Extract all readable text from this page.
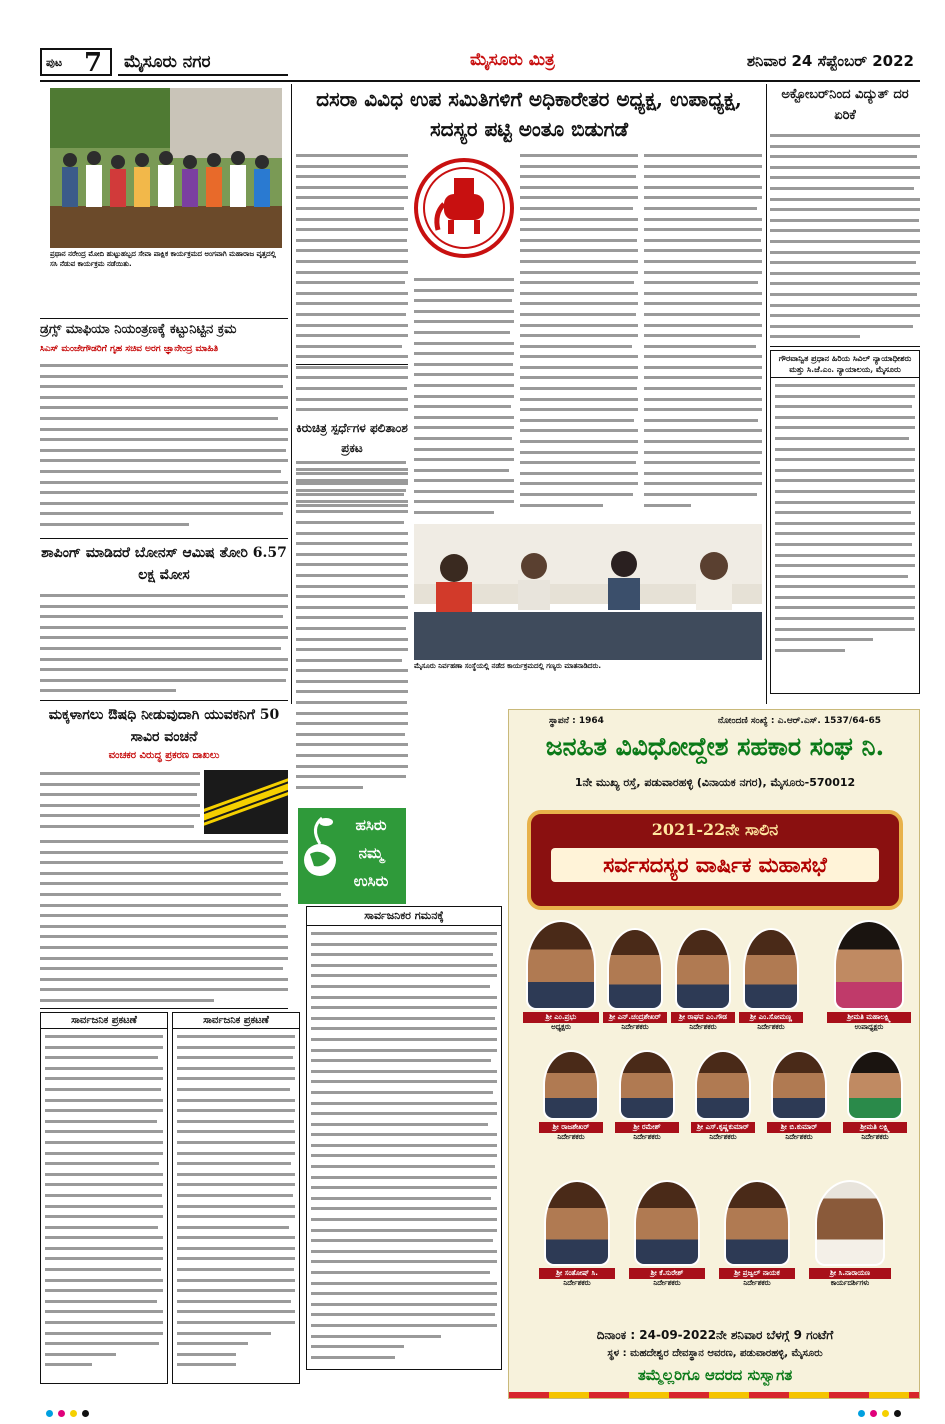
ಪುಟ 7	ಮೈಸೂರು ನಗರ	ಮೈಸೂರು ಮಿತ್ರ	ಶನಿವಾರ 24 ಸೆಪ್ಟೆಂಬರ್ 2022
ಪ್ರಥಾನ ನರೇಂದ್ರ ಮೋದಿ ಹುಟ್ಟುಹಬ್ಬದ ಸೇವಾ ಪಾಕ್ಷಿಕ ಕಾರ್ಯಕ್ರಮದ ಅಂಗವಾಗಿ ಮಹಾರಾಜ ವೃತ್ತದಲ್ಲಿ ಸಸಿ ನೆಡುವ ಕಾರ್ಯಕ್ರಮ ನಡೆಯಿತು.
ಡ್ರಗ್ಸ್ ಮಾಫಿಯಾ ನಿಯಂತ್ರಣಕ್ಕೆ ಕಟ್ಟುನಿಟ್ಟಿನ ಕ್ರಮ
ಸಿಎಸ್ ಮಂಜೇಗೌಡರಿಗೆ ಗೃಹ ಸಚಿವ ಅರಗ ಜ್ಞಾನೇಂದ್ರ ಮಾಹಿತಿ
ಶಾಪಿಂಗ್ ಮಾಡಿದರೆ ಬೋನಸ್ ಆಮಿಷ ತೋರಿ 6.57 ಲಕ್ಷ ಮೋಸ
ಮಕ್ಕಳಾಗಲು ಔಷಧಿ ನೀಡುವುದಾಗಿ ಯುವಕನಿಗೆ 50 ಸಾವಿರ ವಂಚನೆ
ವಂಚಕರ ವಿರುದ್ಧ ಪ್ರಕರಣ ದಾಖಲು
ಸಾರ್ವಜನಿಕ ಪ್ರಕಟಣೆ	ಸಾರ್ವಜನಿಕ ಪ್ರಕಟಣೆ
ಸಾರ್ವಜನಿಕರ ಗಮನಕ್ಕೆ
ದಸರಾ ವಿವಿಧ ಉಪ ಸಮಿತಿಗಳಿಗೆ ಅಧಿಕಾರೇತರ ಅಧ್ಯಕ್ಷ, ಉಪಾಧ್ಯಕ್ಷ, ಸದಸ್ಯರ ಪಟ್ಟಿ ಅಂತೂ ಬಿಡುಗಡೆ
ಕಿರುಚಿತ್ರ ಸ್ಪರ್ಧೆಗಳ ಫಲಿತಾಂಶ ಪ್ರಕಟ
ಮೈಸೂರು ನಿರ್ವಹಣಾ ಸಂಸ್ಥೆಯಲ್ಲಿ ನಡೆದ ಕಾರ್ಯಕ್ರಮದಲ್ಲಿ ಗಣ್ಯರು ಮಾತನಾಡಿದರು.
ಹಸಿರು
ನಮ್ಮ
ಉಸಿರು
ಅಕ್ಟೋಬರ್‌ನಿಂದ ವಿದ್ಯುತ್ ದರ ಏರಿಕೆ
ಗೌರವಾನ್ವಿತ ಪ್ರಧಾನ ಹಿರಿಯ ಸಿವಿಲ್ ನ್ಯಾಯಾಧೀಶರು ಮತ್ತು ಸಿ.ಜೆ.ಎಂ. ನ್ಯಾಯಾಲಯ, ಮೈಸೂರು
ಸ್ಥಾಪನೆ : 1964	ನೋಂದಣಿ ಸಂಖ್ಯೆ : ಎ.ಆರ್.ಎಸ್. 1537/64-65
ಜನಹಿತ ವಿವಿಧೋದ್ದೇಶ ಸಹಕಾರ ಸಂಘ ನಿ.
1ನೇ ಮುಖ್ಯ ರಸ್ತೆ, ಪಡುವಾರಹಳ್ಳಿ (ವಿನಾಯಕ ನಗರ), ಮೈಸೂರು-570012
2021-22ನೇ ಸಾಲಿನ
ಸರ್ವಸದಸ್ಯರ ವಾರ್ಷಿಕ ಮಹಾಸಭೆ
ಶ್ರೀ ಎಂ.ಪ್ರಭು
ಅಧ್ಯಕ್ಷರು
ಶ್ರೀ ಎನ್.ಚಂದ್ರಶೇಖರ್
ನಿರ್ದೇಶಕರು
ಶ್ರೀ ರಾಘವ ಎಂ.ಗೌಡ
ನಿರ್ದೇಶಕರು
ಶ್ರೀ ಎಂ.ಸೋಮಣ್ಣ
ನಿರ್ದೇಶಕರು
ಶ್ರೀಮತಿ ಮಹಾಲಕ್ಷ್ಮಿ
ಉಪಾಧ್ಯಕ್ಷರು
ಶ್ರೀ ರಾಜಶೇಖರ್
ನಿರ್ದೇಶಕರು
ಶ್ರೀ ರಮೇಶ್
ನಿರ್ದೇಶಕರು
ಶ್ರೀ ಎಸ್.ಕೃಷ್ಣಕುಮಾರ್
ನಿರ್ದೇಶಕರು
ಶ್ರೀ ಬಿ.ಕುಮಾರ್
ನಿರ್ದೇಶಕರು
ಶ್ರೀಮತಿ ಲಕ್ಷ್ಮಿ
ನಿರ್ದೇಶಕರು
ಶ್ರೀ ಸಂತೋಷ್ ಸಿ.
ನಿರ್ದೇಶಕರು
ಶ್ರೀ ಕೆ.ಸುರೇಶ್
ನಿರ್ದೇಶಕರು
ಶ್ರೀ ಪ್ರಜ್ವಲ್ ನಾಯಕ
ನಿರ್ದೇಶಕರು
ಶ್ರೀ ಸಿ.ನಾರಾಯಣ
ಕಾರ್ಯದರ್ಶಿಗಳು
ದಿನಾಂಕ : 24-09-2022ನೇ ಶನಿವಾರ ಬೆಳಗ್ಗೆ 9 ಗಂಟೆಗೆ
ಸ್ಥಳ : ಮಹದೇಶ್ವರ ದೇವಸ್ಥಾನ ಆವರಣ, ಪಡುವಾರಹಳ್ಳಿ, ಮೈಸೂರು
ತಮ್ಮೆಲ್ಲರಿಗೂ ಆದರದ ಸುಸ್ವಾಗತ
